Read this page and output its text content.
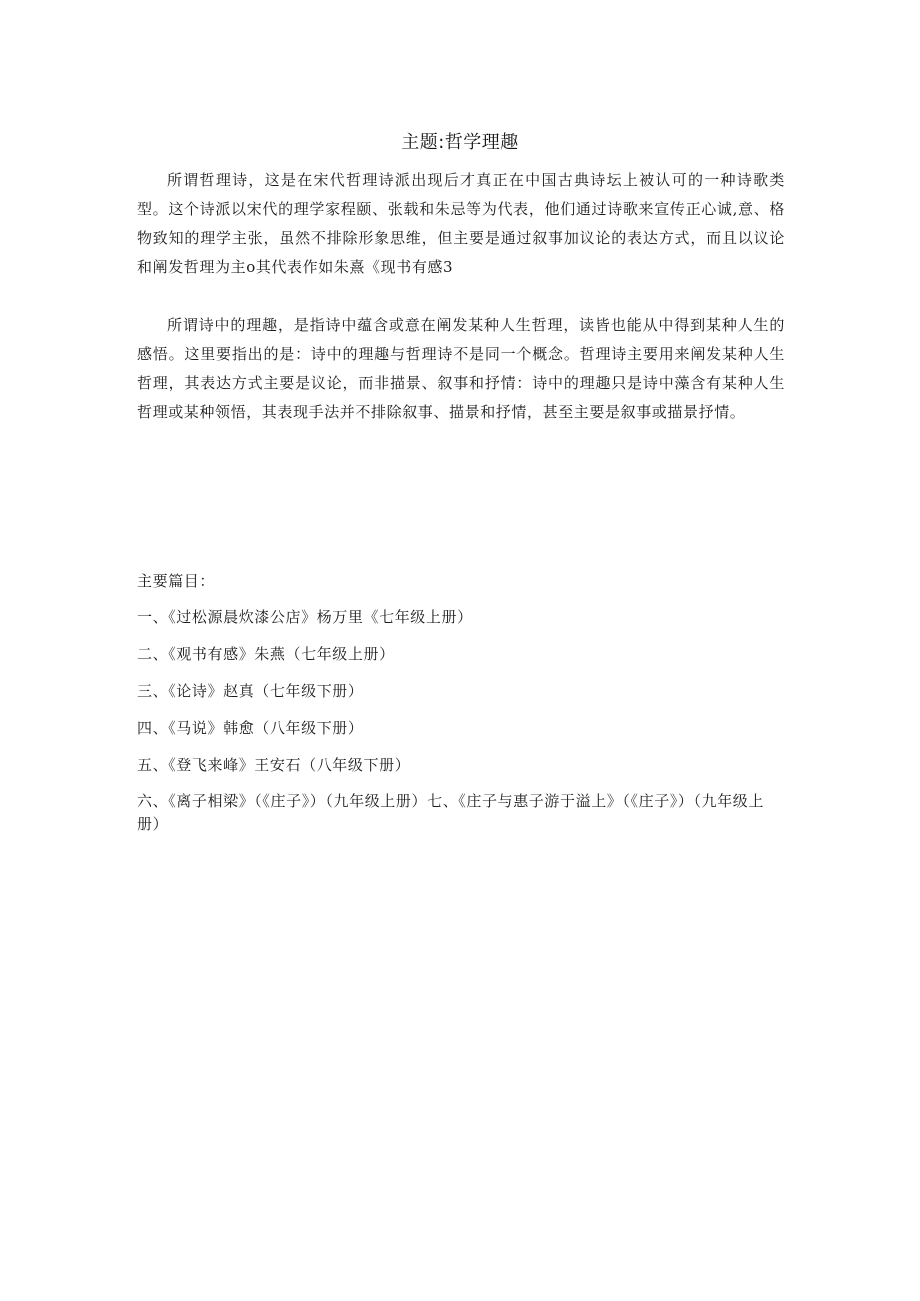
主题:哲学理趣

所谓哲理诗，这是在宋代哲理诗派出现后才真正在中国古典诗坛上被认可的一种诗歌类型。这个诗派以宋代的理学家程颐、张载和朱忌等为代表，他们通过诗歌来宣传正心诚,意、格物致知的理学主张，虽然不排除形象思维，但主要是通过叙事加议论的表达方式，而且以议论和阐发哲理为主o其代表作如朱熹《现书有感3

所谓诗中的理趣，是指诗中蕴含或意在阐发某种人生哲理，读皆也能从中得到某种人生的感悟。这里要指出的是：诗中的理趣与哲理诗不是同一个概念。哲理诗主要用来阐发某种人生哲理，其表达方式主要是议论，而非描景、叙事和抒情：诗中的理趣只是诗中藻含有某种人生哲理或某种领悟，其表现手法并不排除叙事、描景和抒情，甚至主要是叙事或描景抒情。

主要篇目：
一、《过松源晨炊漆公店》杨万里《七年级上册）
二、《观书有感》朱燕（七年级上册）
三、《论诗》赵真（七年级下册）
四、《马说》韩愈（八年级下册）
五、《登飞来峰》王安石（八年级下册）
六、《离子相梁》（《庄子》）（九年级上册）七、《庄子与惠子游于溢上》（《庄子》）（九年级上册）
